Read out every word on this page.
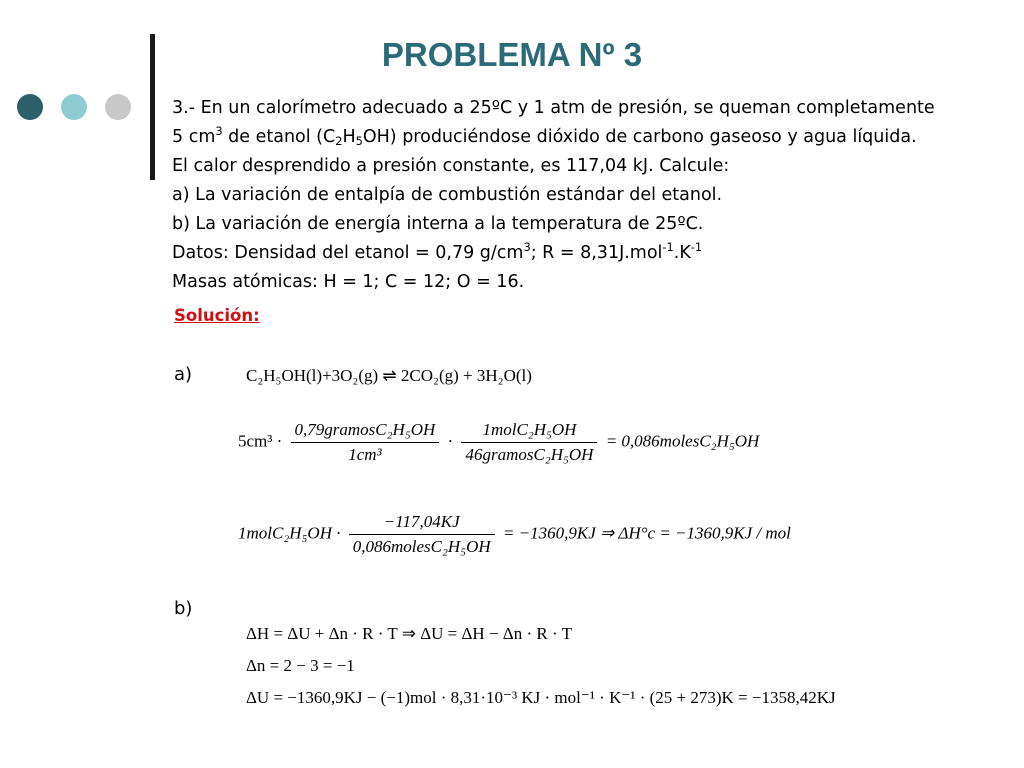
PROBLEMA Nº 3
3.- En un calorímetro adecuado a 25ºC y 1 atm de presión, se queman completamente
5 $cm^3$ de etanol $(C_2H_5OH)$ produciéndose dióxido de carbono gaseoso y agua líquida.
El calor desprendido a presión constante, es 117,04 kJ. Calcule:
a) La variación de entalpía de combustión estándar del etanol.
b) La variación de energía interna a la temperatura de 25ºC.
Datos: Densidad del etanol = 0,79 $g/cm^3$; $R = 8,31J.mol^{-1}.K^{-1}$
Masas atómicas: H = 1; C = 12; O = 16.
Solución:
a)	C₂H₅OH(l)+3O₂(g) ⇌ 2CO₂(g) + 3H₂O(l)
$5cm^3 \cdot \frac{\text{0,79gramosC₂H₅OH}}{\text{1cm³}} \cdot \frac{\text{1molC₂H₅OH}}{\text{46gramosC₂H₅OH}}$ = 0,086molesC₂H₅OH
1molC₂H₅OH · $\frac{-117,04KJ}{\text{0,086molesC₂H₅OH}} = -1360,9KJ$ ⇒ ΔH°c = −1360,9KJ / mol
b)
ΔH = ΔU + Δn · R · T ⇒ ΔU = ΔH − Δn · R · T
Δn = 2 − 3 = −1
ΔU = −1360,9KJ − (−1)mol · 8,31·10⁻³ KJ · mol⁻¹ · K⁻¹ · (25 + 273)K = −1358,42KJ
